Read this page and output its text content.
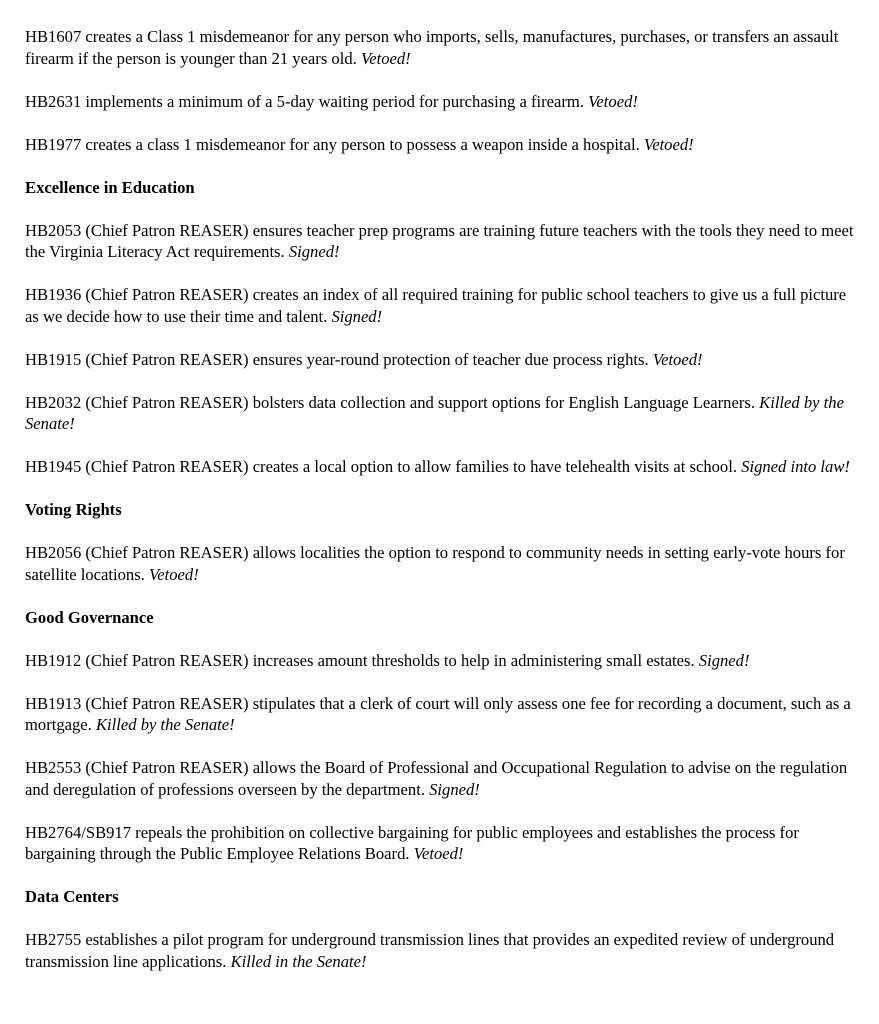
HB1607 creates a Class 1 misdemeanor for any person who imports, sells, manufactures, purchases, or transfers an assault firearm if the person is younger than 21 years old. Vetoed!

HB2631 implements a minimum of a 5-day waiting period for purchasing a firearm. Vetoed!

HB1977 creates a class 1 misdemeanor for any person to possess a weapon inside a hospital. Vetoed!

Excellence in Education

HB2053 (Chief Patron REASER) ensures teacher prep programs are training future teachers with the tools they need to meet the Virginia Literacy Act requirements. Signed!

HB1936 (Chief Patron REASER) creates an index of all required training for public school teachers to give us a full picture as we decide how to use their time and talent. Signed!

HB1915 (Chief Patron REASER) ensures year-round protection of teacher due process rights. Vetoed!

HB2032 (Chief Patron REASER) bolsters data collection and support options for English Language Learners. Killed by the Senate!

HB1945 (Chief Patron REASER) creates a local option to allow families to have telehealth visits at school. Signed into law!

Voting Rights

HB2056 (Chief Patron REASER) allows localities the option to respond to community needs in setting early-vote hours for satellite locations. Vetoed!

Good Governance

HB1912 (Chief Patron REASER) increases amount thresholds to help in administering small estates. Signed!

HB1913 (Chief Patron REASER) stipulates that a clerk of court will only assess one fee for recording a document, such as a mortgage. Killed by the Senate!

HB2553 (Chief Patron REASER) allows the Board of Professional and Occupational Regulation to advise on the regulation and deregulation of professions overseen by the department. Signed!

HB2764/SB917 repeals the prohibition on collective bargaining for public employees and establishes the process for bargaining through the Public Employee Relations Board. Vetoed!

Data Centers

HB2755 establishes a pilot program for underground transmission lines that provides an expedited review of underground transmission line applications. Killed in the Senate!
